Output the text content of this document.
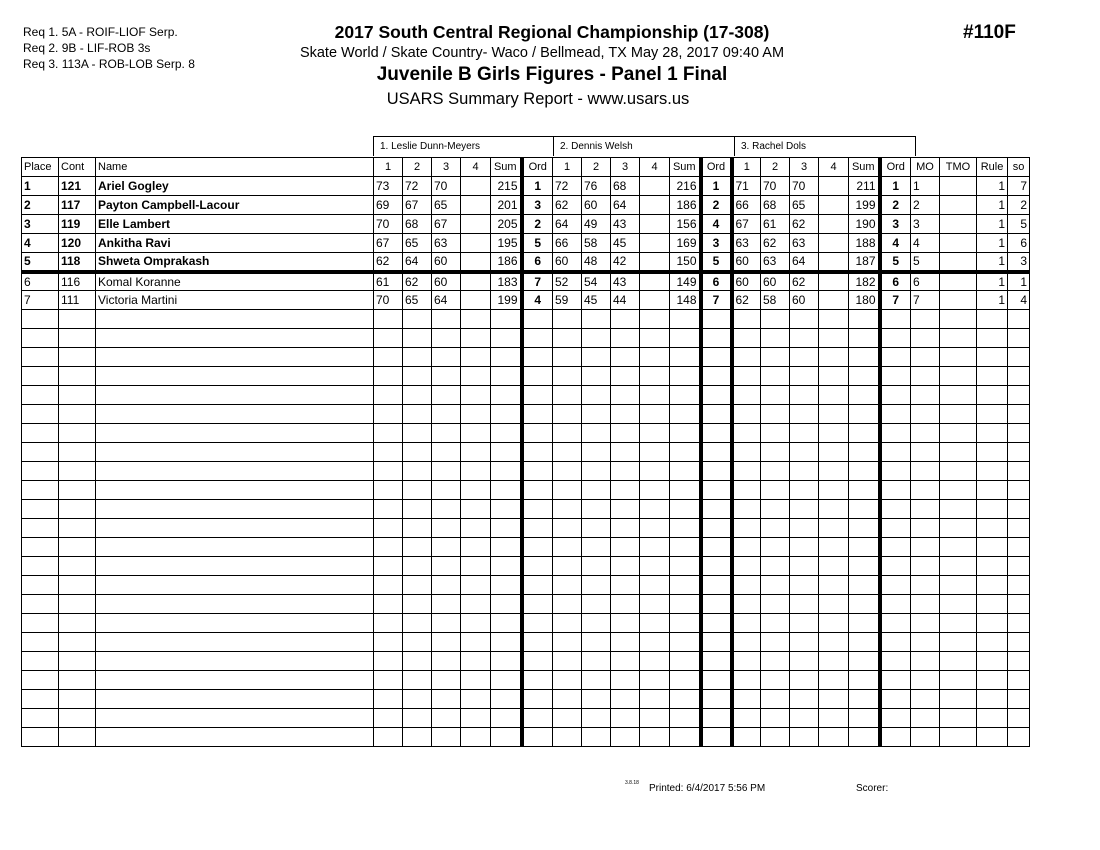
Req 1. 5A - ROIF-LIOF Serp.
Req 2. 9B - LIF-ROB 3s
Req 3. 113A - ROB-LOB Serp. 8
2017 South Central Regional Championship (17-308)
Skate World / Skate Country- Waco / Bellmead, TX May 28, 2017 09:40 AM
Juvenile B Girls Figures - Panel 1 Final
USARS Summary Report - www.usars.us
#110F
1. Leslie Dunn-Meyers	2. Dennis Welsh	3. Rachel Dols
Place	Cont	Name	1	2	3	4	Sum	Ord	1	2	3	4	Sum	Ord	1	2	3	4	Sum	Ord	MO	TMO	Rule	so
1	121	Ariel Gogley	73	72	70		215	1	72	76	68		216	1	71	70	70		211	1	1		1	7
2	117	Payton Campbell-Lacour	69	67	65		201	3	62	60	64		186	2	66	68	65		199	2	2		1	2
3	119	Elle Lambert	70	68	67		205	2	64	49	43		156	4	67	61	62		190	3	3		1	5
4	120	Ankitha Ravi	67	65	63		195	5	66	58	45		169	3	63	62	63		188	4	4		1	6
5	118	Shweta Omprakash	62	64	60		186	6	60	48	42		150	5	60	63	64		187	5	5		1	3
6	116	Komal Koranne	61	62	60		183	7	52	54	43		149	6	60	60	62		182	6	6		1	1
7	111	Victoria Martini	70	65	64		199	4	59	45	44		148	7	62	58	60		180	7	7		1	4

3.8.18 Printed: 6/4/2017 5:56 PM	Scorer:
